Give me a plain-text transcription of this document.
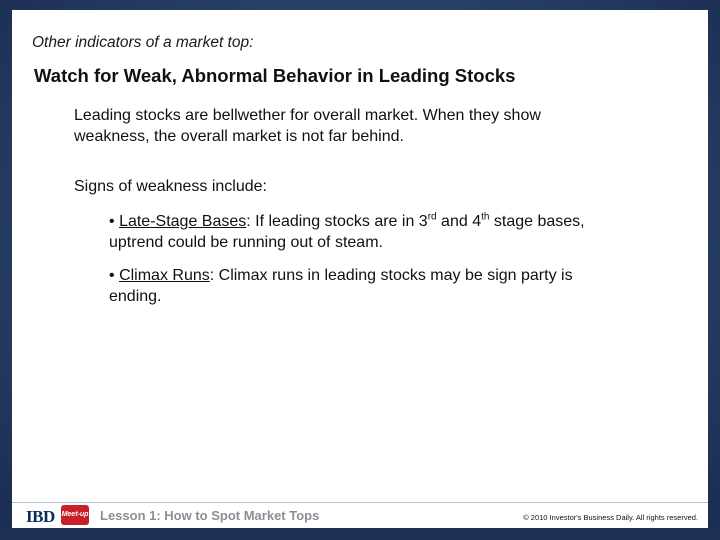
Other indicators of a market top:
Watch for Weak, Abnormal Behavior in Leading Stocks
Leading stocks are bellwether for overall market. When they show weakness, the overall market is not far behind.
Signs of weakness include:
• Late-Stage Bases: If leading stocks are in 3rd and 4th stage bases, uptrend could be running out of steam.
• Climax Runs: Climax runs in leading stocks may be sign party is ending.
IBD Meet-up Lesson 1: How to Spot Market Tops	© 2010 Investor's Business Daily. All rights reserved.
